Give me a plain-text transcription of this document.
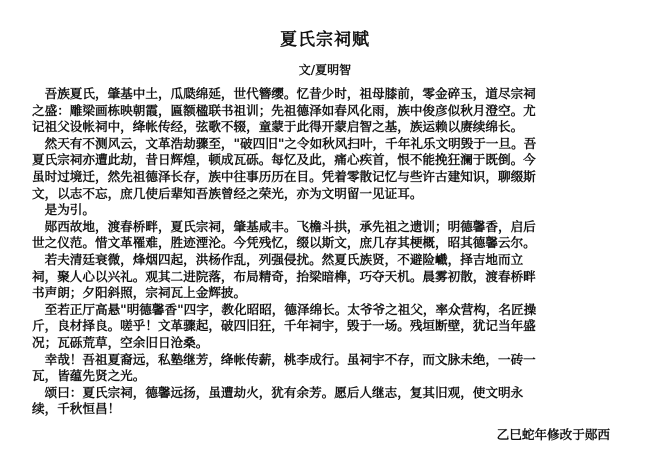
夏氏宗祠赋
文/夏明智
　吾族夏氏，肇基中土，瓜瓞绵延，世代簪缨。忆昔少时，祖母膝前，零金碎玉，道尽宗祠
之盛：雕梁画栋映朝霞，匾额楹联书祖训；先祖德泽如春风化雨，族中俊彦似秋月澄空。尤
记祖父设帐祠中，绛帐传经，弦歌不辍，童蒙于此得开蒙启智之基，族运赖以赓续绵长。
　然天有不测风云，文革浩劫骤至，"破四旧"之令如秋风扫叶，千年礼乐文明毁于一旦。吾
夏氏宗祠亦遭此劫，昔日辉煌，顿成瓦砾。每忆及此，痛心疾首，恨不能挽狂澜于既倒。今
虽时过境迁，然先祖德泽长存，族中往事历历在目。凭着零散记忆与些许古建知识，聊缀斯
文，以志不忘，庶几使后辈知吾族曾经之荣光，亦为文明留一见证耳。
　是为引。
　郧西故地，渡春桥畔，夏氏宗祠，肇基咸丰。飞檐斗拱，承先祖之遗训；明德馨香，启后
世之仪范。惜文革罹难，胜迹湮沦。今凭残忆，缀以斯文，庶几存其梗概，昭其德馨云尔。
　若夫清廷衰微，烽烟四起，洪杨作乱，列强侵扰。然夏氏族贤，不避险巇，择吉地而立
祠，聚人心以兴礼。观其二进院落，布局精奇，抬梁暗榫，巧夺天机。晨雾初散，渡春桥畔
书声朗；夕阳斜照，宗祠瓦上金辉披。
　至若正厅高悬"明德馨香"四字，教化昭昭，德泽绵长。太爷爷之祖父，率众营构，名匠操
斤，良材择良。嗟乎！文革骤起，破四旧狂，千年祠宇，毁于一场。残垣断壁，犹记当年盛
况；瓦砾荒草，空余旧日沧桑。
　幸哉！吾祖夏裔远，私塾继芳，绛帐传薪，桃李成行。虽祠宇不存，而文脉未绝，一砖一
瓦，皆蕴先贤之光。
　颂曰：夏氏宗祠，德馨远扬，虽遭劫火，犹有余芳。愿后人继志，复其旧观，使文明永
续，千秋恒昌！
乙巳蛇年修改于郧西
